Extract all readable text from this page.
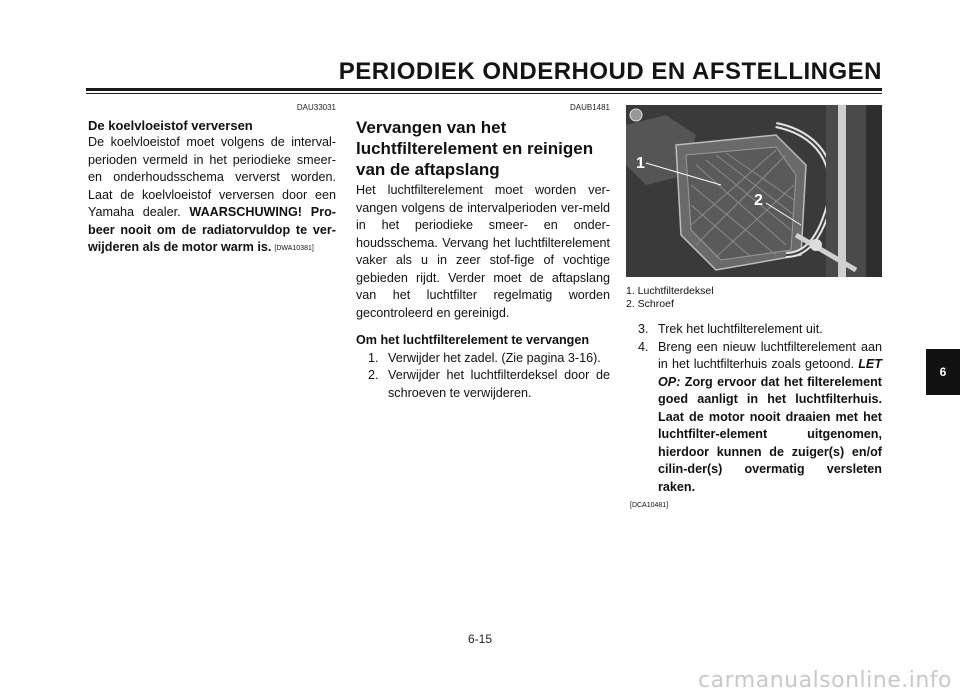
PERIODIEK ONDERHOUD EN AFSTELLINGEN
DAU33031
De koelvloeistof verversen

De koelvloeistof moet volgens de interval-perioden vermeld in het periodieke smeer- en onderhoudsschema ververst worden. Laat de koelvloeistof verversen door een Yamaha dealer. WAARSCHUWING! Pro-beer nooit om de radiatorvuldop te ver-wijderen als de motor warm is. [DWA10381]

DAUB1481
Vervangen van het luchtfilterelement en reinigen van de aftapslang

Het luchtfilterelement moet worden ver-vangen volgens de intervalperioden ver-meld in het periodieke smeer- en onder-houdsschema. Vervang het luchtfilterelement vaker als u in zeer stof-fige of vochtige gebieden rijdt. Verder moet de aftapslang van het luchtfilter regelmatig worden gecontroleerd en gereinigd.

Om het luchtfilterelement te vervangen
1. Verwijder het zadel. (Zie pagina 3-16).
2. Verwijder het luchtfilterdeksel door de schroeven te verwijderen.
1
2
1. Luchtfilterdeksel
2. Schroef
3. Trek het luchtfilterelement uit.
4. Breng een nieuw luchtfilterelement aan in het luchtfilterhuis zoals getoond. LET OP: Zorg ervoor dat het filterelement goed aanligt in het luchtfilterhuis. Laat de motor nooit draaien met het luchtfilter-element uitgenomen, hierdoor kunnen de zuiger(s) en/of cilin-der(s) overmatig versleten raken.
[DCA10481]
6
6-15
carmanualsonline.info
